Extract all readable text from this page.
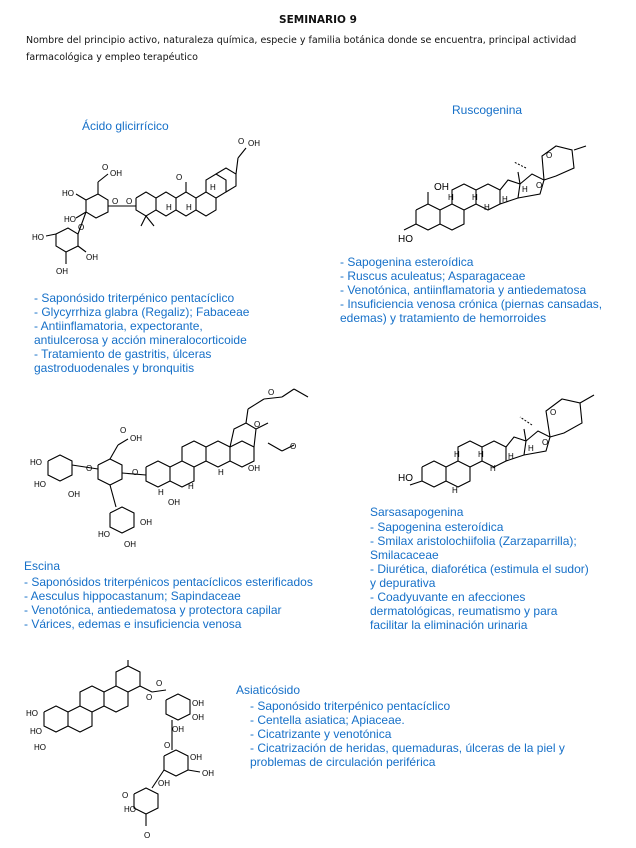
SEMINARIO 9
Nombre del principio activo, naturaleza química, especie y familia botánica donde se encuentra, principal actividad farmacológica y empleo terapéutico
Ácido glicirrícico
O OH
O
H H
H
O
OH
HO
HO
HO
OH
OH
O O
O
- Saponósido triterpénico pentacíclico
- Glycyrrhiza glabra (Regaliz); Fabaceae
- Antiinflamatoria, expectorante,
antiulcerosa y acción mineralocorticoide
- Tratamiento de gastritis, úlceras
gastroduodenales y bronquitis
Ruscogenina
OH
HO
H H
H
H
H
O
O
- Sapogenina esteroídica
- Ruscus aculeatus; Asparagaceae
- Venotónica, antiinflamatoria y antiedematosa
- Insuficiencia venosa crónica (piernas cansadas,
edemas) y tratamiento de hemorroides
O
O
O
OH
O
HO
HO
OH
O	O
HO
OH
OH
H
H
H	OH
OH
Escina
- Saponósidos triterpénicos pentacíclicos esterificados
- Aesculus hippocastanum; Sapindaceae
- Venotónica, antiedematosa y protectora capilar
- Várices, edemas e insuficiencia venosa
HO
H
H H
H
H
H
O
O
Sarsasapogenina
- Sapogenina esteroídica
- Smilax aristolochiifolia (Zarzaparrilla);
Smilacaceae
- Diurética, diaforética (estimula el sudor)
y depurativa
- Coadyuvante en afecciones
dermatológicas, reumatismo y para
facilitar la eliminación urinaria
HO
HO
HO
OH
OH
OH
OH
OH
O
OH
HO
O
O
O
O
Asiaticósido
- Saponósido triterpénico pentacíclico
- Centella asiatica; Apiaceae.
- Cicatrizante y venotónica
- Cicatrización de heridas, quemaduras, úlceras de la piel y
problemas de circulación periférica
